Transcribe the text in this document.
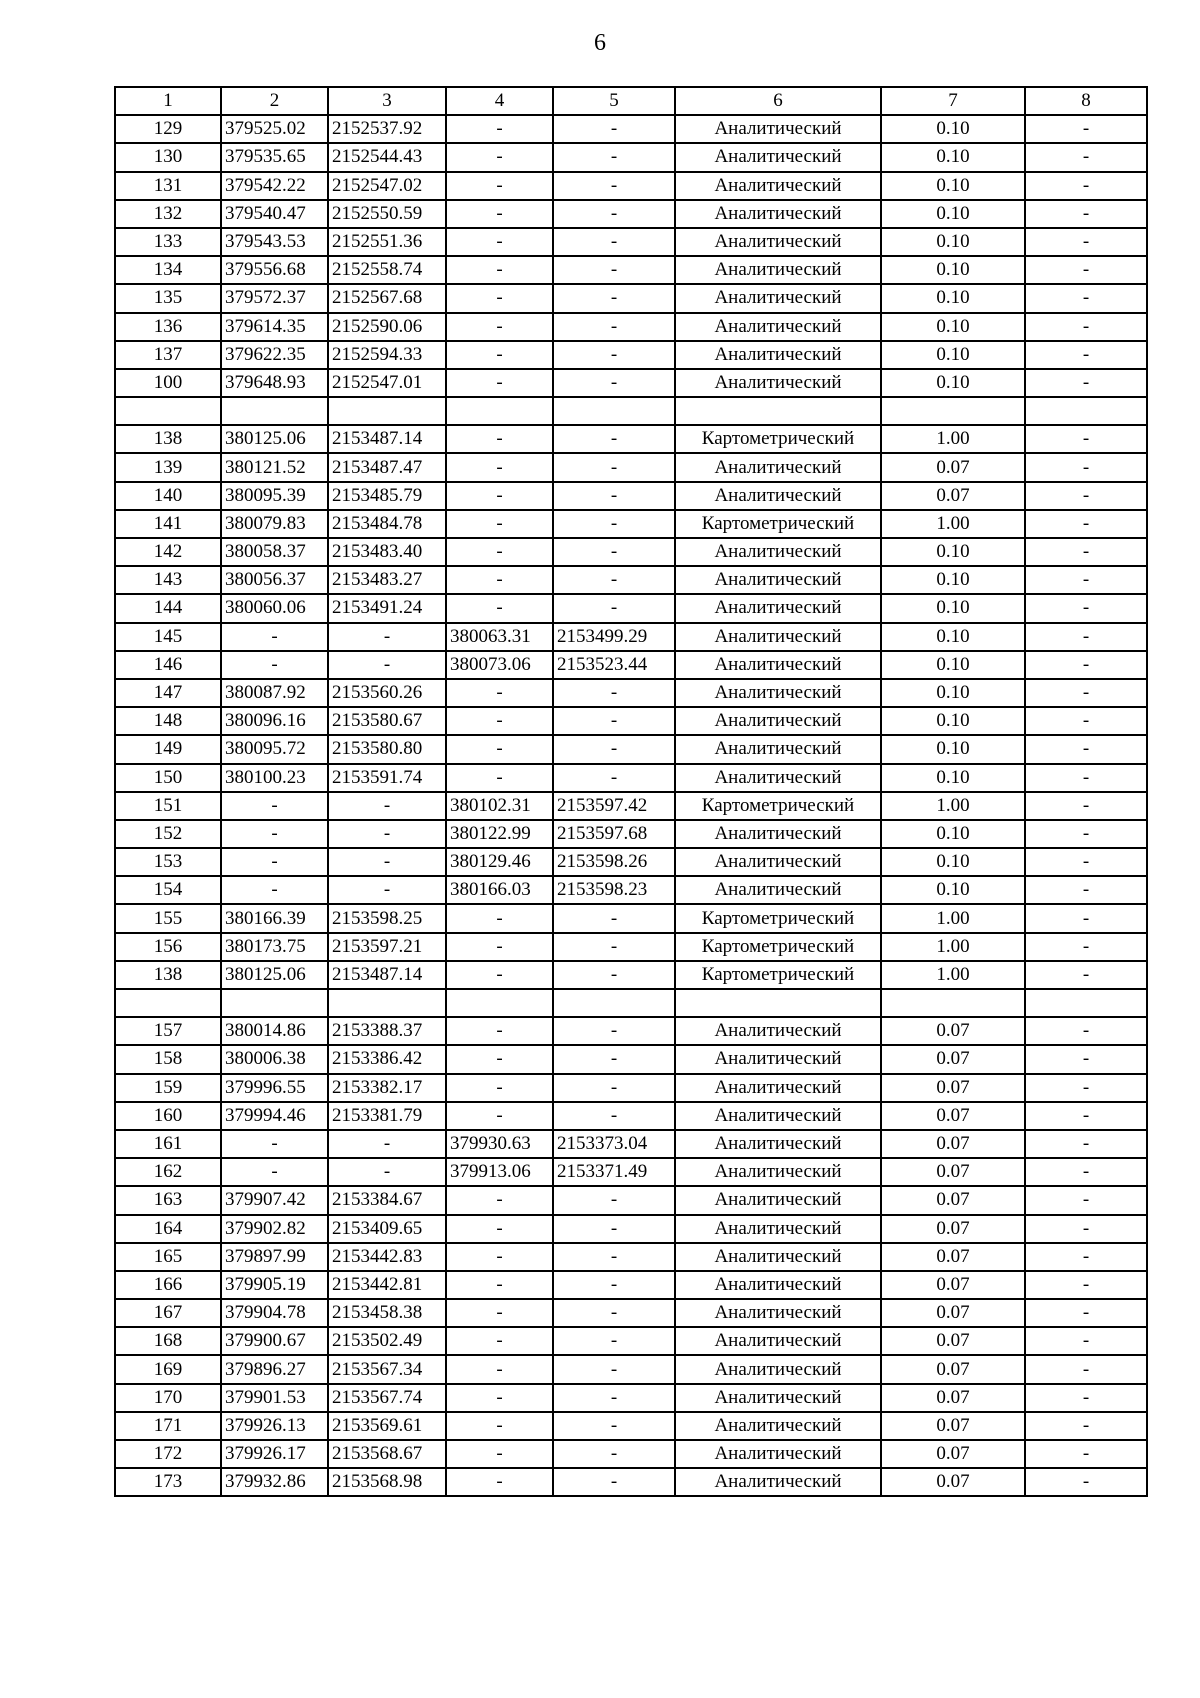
6
1	2	3	4	5	6	7	8
129	379525.02	2152537.92	-	-	Аналитический	0.10	-
130	379535.65	2152544.43	-	-	Аналитический	0.10	-
131	379542.22	2152547.02	-	-	Аналитический	0.10	-
132	379540.47	2152550.59	-	-	Аналитический	0.10	-
133	379543.53	2152551.36	-	-	Аналитический	0.10	-
134	379556.68	2152558.74	-	-	Аналитический	0.10	-
135	379572.37	2152567.68	-	-	Аналитический	0.10	-
136	379614.35	2152590.06	-	-	Аналитический	0.10	-
137	379622.35	2152594.33	-	-	Аналитический	0.10	-
100	379648.93	2152547.01	-	-	Аналитический	0.10	-

138	380125.06	2153487.14	-	-	Картометрический	1.00	-
139	380121.52	2153487.47	-	-	Аналитический	0.07	-
140	380095.39	2153485.79	-	-	Аналитический	0.07	-
141	380079.83	2153484.78	-	-	Картометрический	1.00	-
142	380058.37	2153483.40	-	-	Аналитический	0.10	-
143	380056.37	2153483.27	-	-	Аналитический	0.10	-
144	380060.06	2153491.24	-	-	Аналитический	0.10	-
145	-	-	380063.31	2153499.29	Аналитический	0.10	-
146	-	-	380073.06	2153523.44	Аналитический	0.10	-
147	380087.92	2153560.26	-	-	Аналитический	0.10	-
148	380096.16	2153580.67	-	-	Аналитический	0.10	-
149	380095.72	2153580.80	-	-	Аналитический	0.10	-
150	380100.23	2153591.74	-	-	Аналитический	0.10	-
151	-	-	380102.31	2153597.42	Картометрический	1.00	-
152	-	-	380122.99	2153597.68	Аналитический	0.10	-
153	-	-	380129.46	2153598.26	Аналитический	0.10	-
154	-	-	380166.03	2153598.23	Аналитический	0.10	-
155	380166.39	2153598.25	-	-	Картометрический	1.00	-
156	380173.75	2153597.21	-	-	Картометрический	1.00	-
138	380125.06	2153487.14	-	-	Картометрический	1.00	-

157	380014.86	2153388.37	-	-	Аналитический	0.07	-
158	380006.38	2153386.42	-	-	Аналитический	0.07	-
159	379996.55	2153382.17	-	-	Аналитический	0.07	-
160	379994.46	2153381.79	-	-	Аналитический	0.07	-
161	-	-	379930.63	2153373.04	Аналитический	0.07	-
162	-	-	379913.06	2153371.49	Аналитический	0.07	-
163	379907.42	2153384.67	-	-	Аналитический	0.07	-
164	379902.82	2153409.65	-	-	Аналитический	0.07	-
165	379897.99	2153442.83	-	-	Аналитический	0.07	-
166	379905.19	2153442.81	-	-	Аналитический	0.07	-
167	379904.78	2153458.38	-	-	Аналитический	0.07	-
168	379900.67	2153502.49	-	-	Аналитический	0.07	-
169	379896.27	2153567.34	-	-	Аналитический	0.07	-
170	379901.53	2153567.74	-	-	Аналитический	0.07	-
171	379926.13	2153569.61	-	-	Аналитический	0.07	-
172	379926.17	2153568.67	-	-	Аналитический	0.07	-
173	379932.86	2153568.98	-	-	Аналитический	0.07	-
